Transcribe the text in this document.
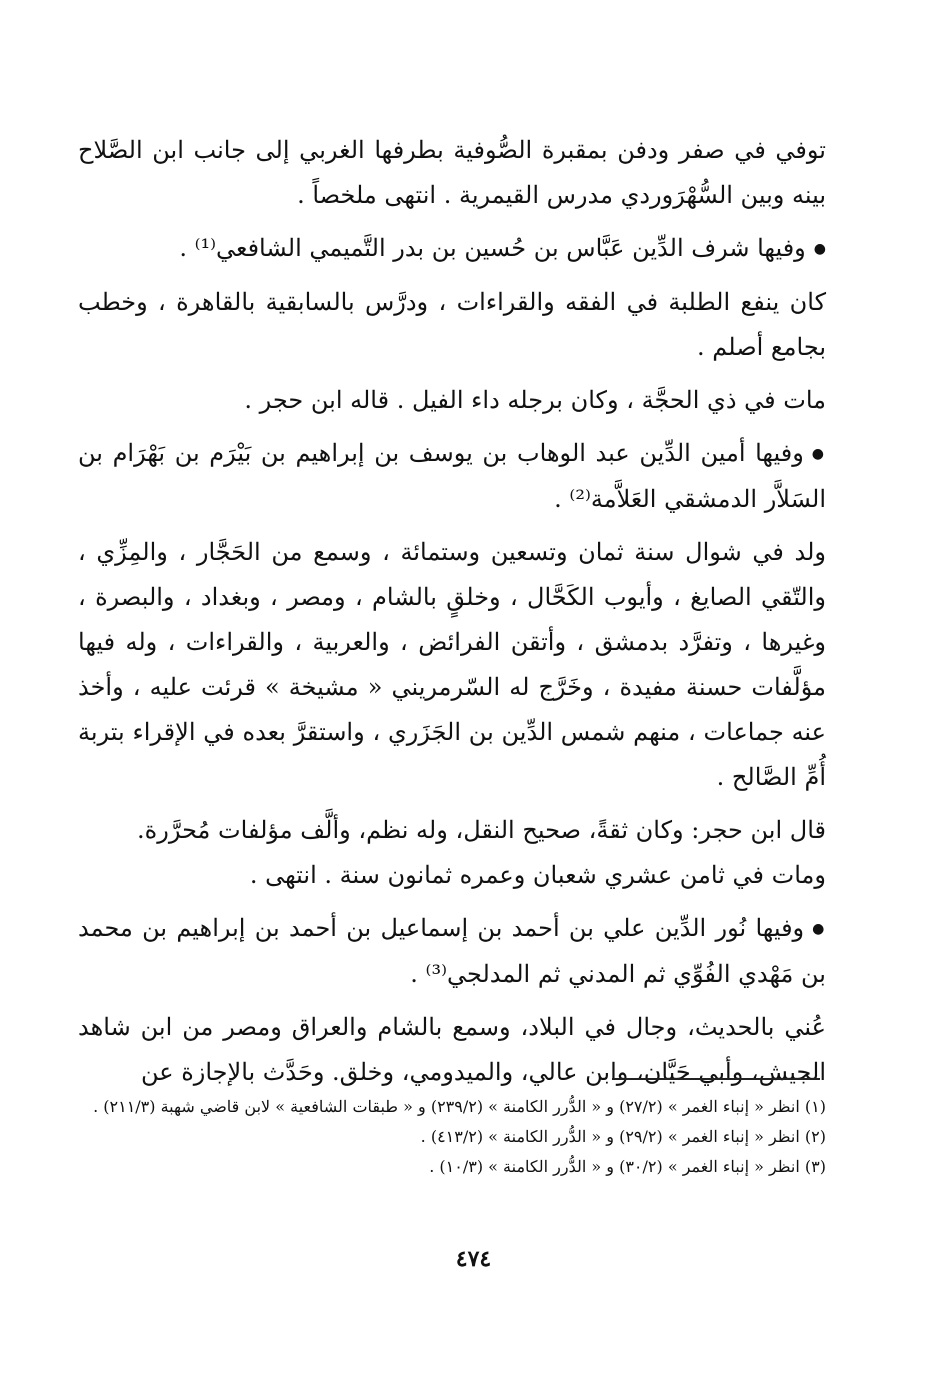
توفي في صفر ودفن بمقبرة الصُّوفية بطرفها الغربي إلى جانب ابن الصَّلاح بينه وبين السُّهْرَوردي مدرس القيمرية . انتهى ملخصاً .

●وفيها شرف الدِّين عَبَّاس بن حُسين بن بدر التَّميمي الشافعي⁽¹⁾ .

كان ينفع الطلبة في الفقه والقراءات ، ودرَّس بالسابقية بالقاهرة ، وخطب بجامع أصلم .

مات في ذي الحجَّة ، وكان برجله داء الفيل . قاله ابن حجر .

●وفيها أمين الدِّين عبد الوهاب بن يوسف بن إبراهيم بن بَيْرَم بن بَهْرَام بن السَلاَّر الدمشقي العَلاَّمة⁽²⁾ .

ولد في شوال سنة ثمان وتسعين وستمائة ، وسمع من الحَجَّار ، والمِزِّي ، والتّقي الصايغ ، وأيوب الكَحَّال ، وخلقٍ بالشام ، ومصر ، وبغداد ، والبصرة ، وغيرها ، وتفرَّد بدمشق ، وأتقن الفرائض ، والعربية ، والقراءات ، وله فيها مؤلَّفات حسنة مفيدة ، وخَرَّج له السّرمريني « مشيخة » قرئت عليه ، وأخذ عنه جماعات ، منهم شمس الدِّين بن الجَزَري ، واستقرَّ بعده في الإقراء بتربة أُمِّ الصَّالح .

قال ابن حجر: وكان ثقةً، صحيح النقل، وله نظم، وألَّف مؤلفات مُحرَّرة.

ومات في ثامن عشري شعبان وعمره ثمانون سنة . انتهى .

●وفيها نُور الدِّين علي بن أحمد بن إسماعيل بن أحمد بن إبراهيم بن محمد بن مَهْدي الفُوِّي ثم المدني ثم المدلجي⁽³⁾ .

عُني بالحديث، وجال في البلاد، وسمع بالشام والعراق ومصر من ابن شاهد الجيش، وأبي حَيَّان، وابن عالي، والميدومي، وخلق. وحَدَّث بالإجازة عن

(١) انظر « إنباء الغمر » (٢٧/٢) و « الدُّرر الكامنة » (٢٣٩/٢) و « طبقات الشافعية » لابن قاضي شهبة (٢١١/٣) .

(٢) انظر « إنباء الغمر » (٢٩/٢) و « الدُّرر الكامنة » (٤١٣/٢) .

(٣) انظر « إنباء الغمر » (٣٠/٢) و « الدُّرر الكامنة » (١٠/٣) .

٤٧٤
